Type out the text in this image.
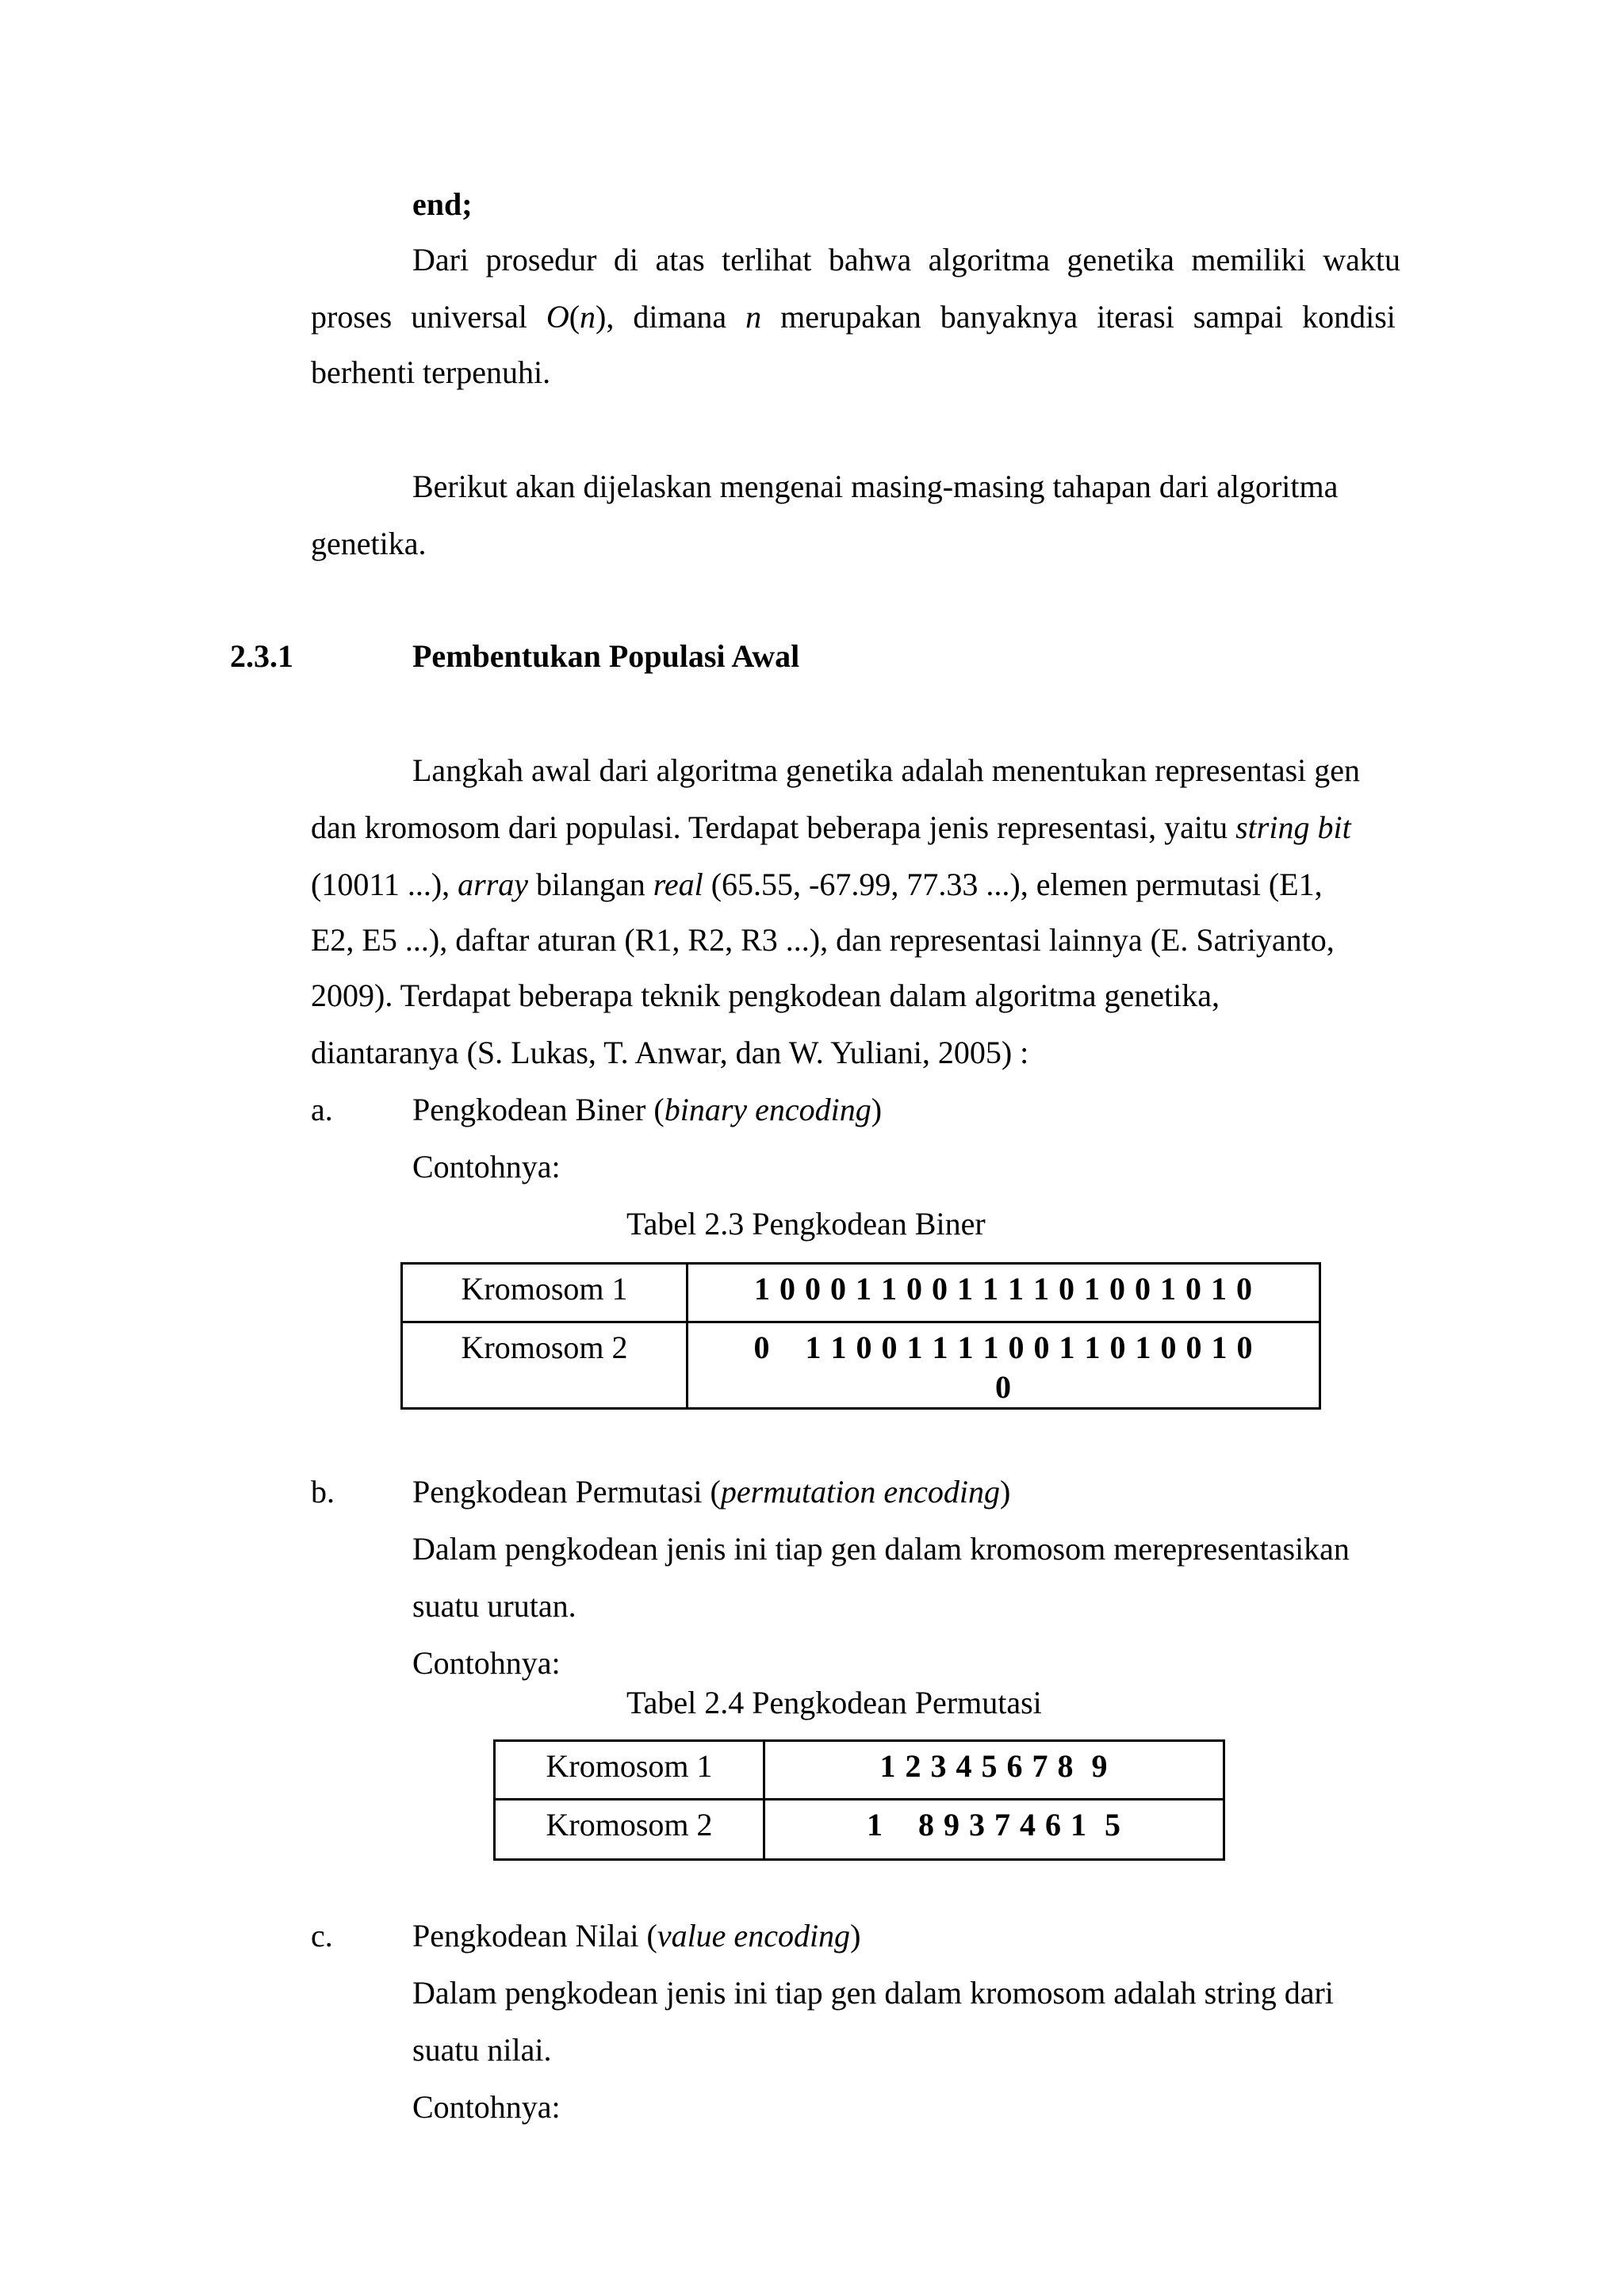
end;
Dari prosedur di atas terlihat bahwa algoritma genetika memiliki waktu
proses universal O(n), dimana n merupakan banyaknya iterasi sampai kondisi
berhenti terpenuhi.
Berikut akan dijelaskan mengenai masing-masing tahapan dari algoritma
genetika.
2.3.1	Pembentukan Populasi Awal
Langkah awal dari algoritma genetika adalah menentukan representasi gen
dan kromosom dari populasi. Terdapat beberapa jenis representasi, yaitu string bit
(10011 ...), array bilangan real (65.55, -67.99, 77.33 ...), elemen permutasi (E1,
E2, E5 ...), daftar aturan (R1, R2, R3 ...), dan representasi lainnya (E. Satriyanto,
2009). Terdapat beberapa teknik pengkodean dalam algoritma genetika,
diantaranya (S. Lukas, T. Anwar, dan W. Yuliani, 2005) :
a.	Pengkodean Biner (binary encoding)
Contohnya:
Tabel 2.3 Pengkodean Biner
Kromosom 1	1 0 0 0 1 1 0 0 1 1 1 1 0 1 0 0 1 0 1 0
Kromosom 2	0    1 1 0 0 1 1 1 1 0 0 1 1 0 1 0 0 1 0
0
b. Pengkodean Permutasi (permutation encoding)
Dalam pengkodean jenis ini tiap gen dalam kromosom merepresentasikan
suatu urutan.
Contohnya:
Tabel 2.4 Pengkodean Permutasi
Kromosom 1	1 2 3 4 5 6 7 8  9
Kromosom 2	1    8 9 3 7 4 6 1  5
c.	Pengkodean Nilai (value encoding)
Dalam pengkodean jenis ini tiap gen dalam kromosom adalah string dari
suatu nilai.
Contohnya:
